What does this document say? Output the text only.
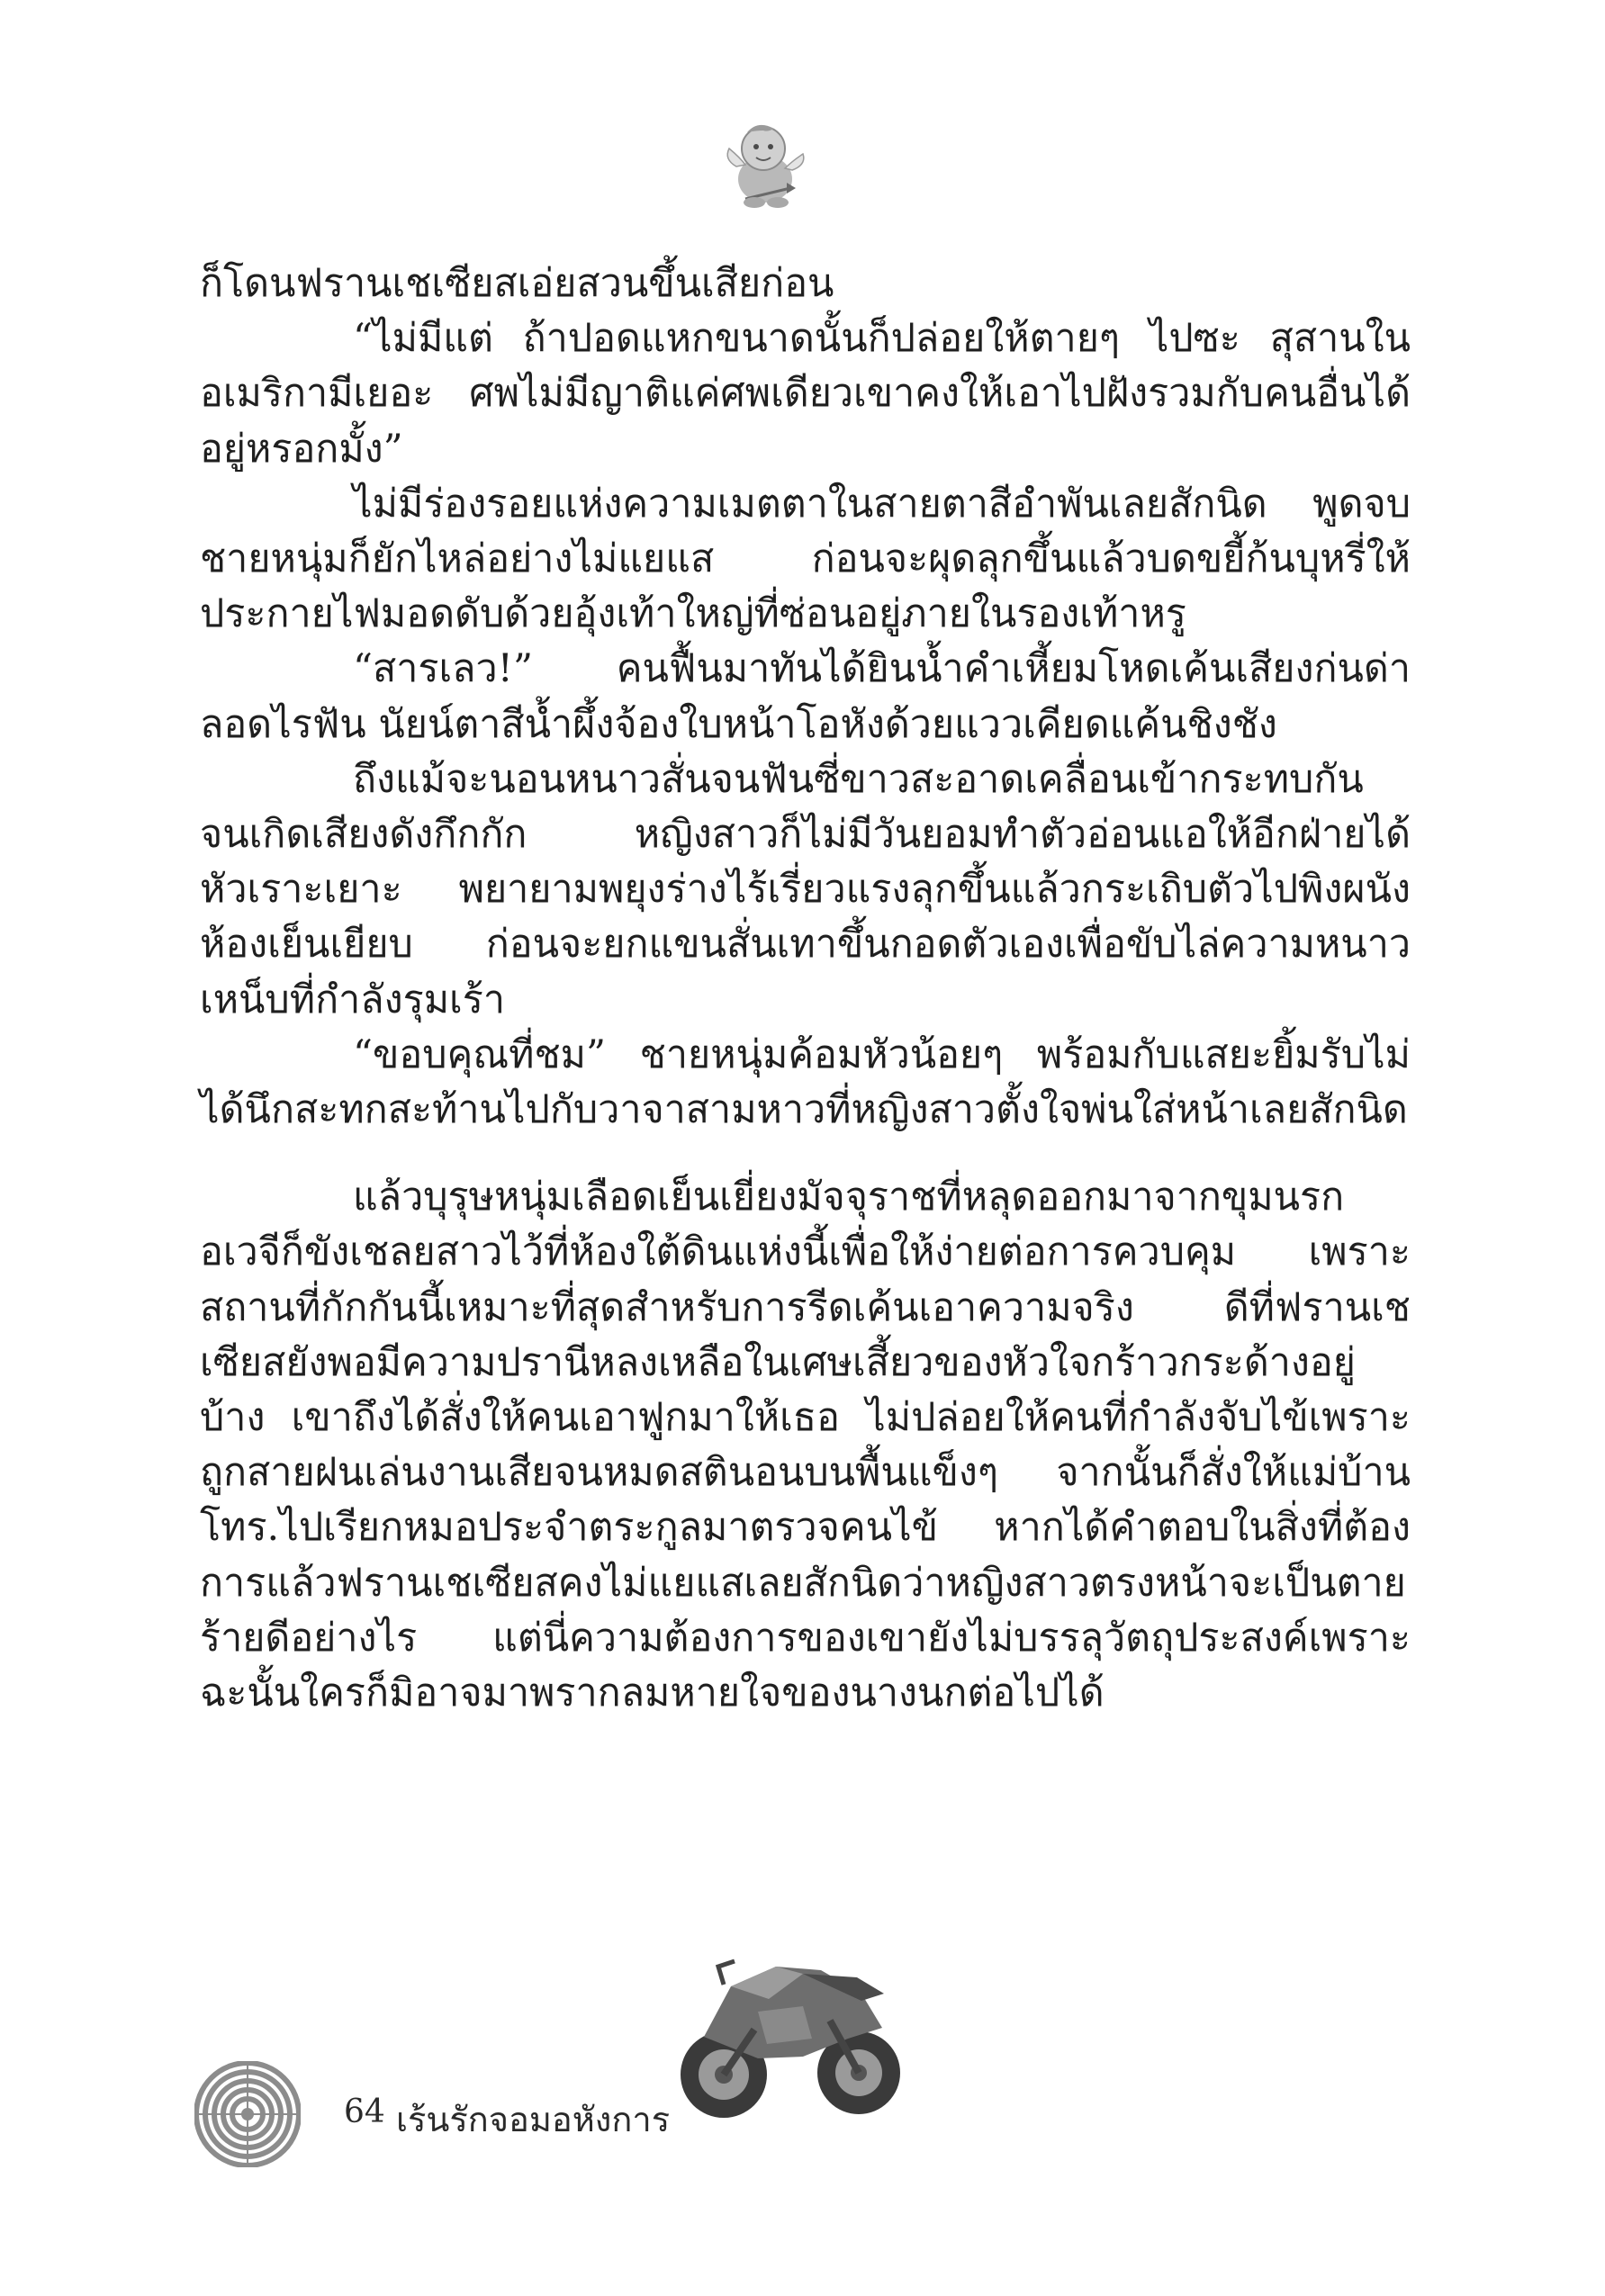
ก็โดนฟรานเชเซียสเอ่ยสวนขึ้นเสียก่อน

“ไม่มีแต่ ถ้าปอดแหกขนาดนั้นก็ปล่อยให้ตายๆ ไปซะ สุสานในอเมริกามีเยอะ ศพไม่มีญาติแค่ศพเดียวเขาคงให้เอาไปฝังรวมกับคนอื่นได้อยู่หรอกมั้ง”

ไม่มีร่องรอยแห่งความเมตตาในสายตาสีอำพันเลยสักนิด พูดจบชายหนุ่มก็ยักไหล่อย่างไม่แยแส ก่อนจะผุดลุกขึ้นแล้วบดขยี้ก้นบุหรี่ให้ประกายไฟมอดดับด้วยอุ้งเท้าใหญ่ที่ซ่อนอยู่ภายในรองเท้าหรู

“สารเลว!” คนฟื้นมาทันได้ยินน้ำคำเหี้ยมโหดเค้นเสียงก่นด่าลอดไรฟัน นัยน์ตาสีน้ำผึ้งจ้องใบหน้าโอหังด้วยแววเคียดแค้นชิงชัง

ถึงแม้จะนอนหนาวสั่นจนฟันซี่ขาวสะอาดเคลื่อนเข้ากระทบกันจนเกิดเสียงดังกึกกัก หญิงสาวก็ไม่มีวันยอมทำตัวอ่อนแอให้อีกฝ่ายได้หัวเราะเยาะ พยายามพยุงร่างไร้เรี่ยวแรงลุกขึ้นแล้วกระเถิบตัวไปพิงผนังห้องเย็นเยียบ ก่อนจะยกแขนสั่นเทาขึ้นกอดตัวเองเพื่อขับไล่ความหนาวเหน็บที่กำลังรุมเร้า

“ขอบคุณที่ชม” ชายหนุ่มค้อมหัวน้อยๆ พร้อมกับแสยะยิ้มรับไม่ได้นึกสะทกสะท้านไปกับวาจาสามหาวที่หญิงสาวตั้งใจพ่นใส่หน้าเลยสักนิด

แล้วบุรุษหนุ่มเลือดเย็นเยี่ยงมัจจุราชที่หลุดออกมาจากขุมนรกอเวจีก็ขังเชลยสาวไว้ที่ห้องใต้ดินแห่งนี้เพื่อให้ง่ายต่อการควบคุม เพราะสถานที่กักกันนี้เหมาะที่สุดสำหรับการรีดเค้นเอาความจริง ดีที่ฟรานเชเซียสยังพอมีความปรานีหลงเหลือในเศษเสี้ยวของหัวใจกร้าวกระด้างอยู่บ้าง เขาถึงได้สั่งให้คนเอาฟูกมาให้เธอ ไม่ปล่อยให้คนที่กำลังจับไข้เพราะถูกสายฝนเล่นงานเสียจนหมดสตินอนบนพื้นแข็งๆ จากนั้นก็สั่งให้แม่บ้านโทร.ไปเรียกหมอประจำตระกูลมาตรวจคนไข้ หากได้คำตอบในสิ่งที่ต้องการแล้วฟรานเชเซียสคงไม่แยแสเลยสักนิดว่าหญิงสาวตรงหน้าจะเป็นตายร้ายดีอย่างไร แต่นี่ความต้องการของเขายังไม่บรรลุวัตถุประสงค์เพราะฉะนั้นใครก็มิอาจมาพรากลมหายใจของนางนกต่อไปได้

64 เร้นรักจอมอหังการ
